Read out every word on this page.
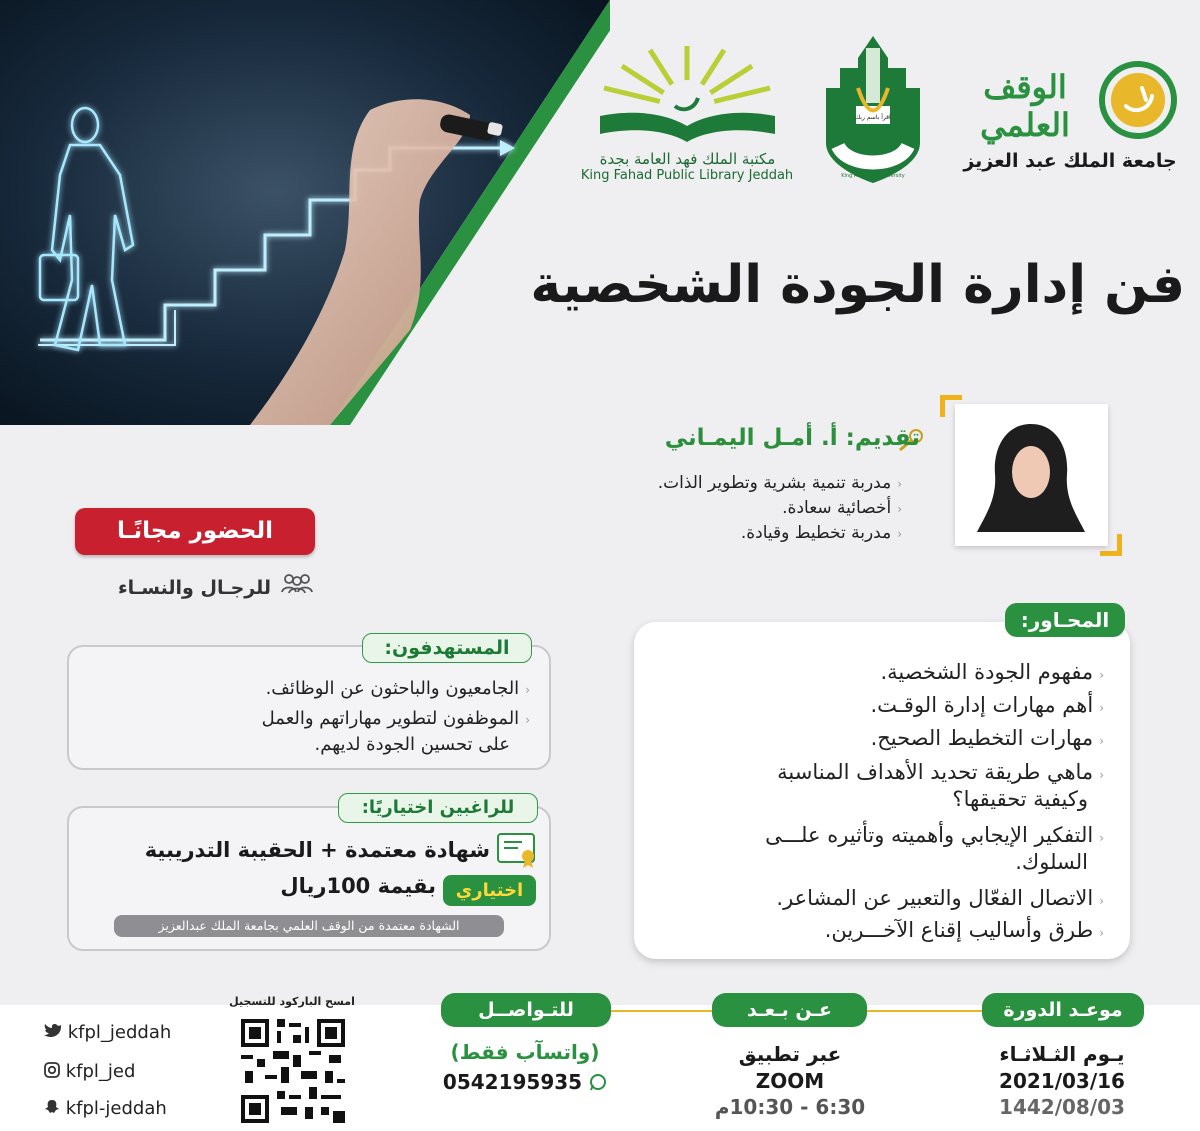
الوقف العلمي
جامعة الملك عبد العزيز
اقرأ باسم ربك
King Abdulaziz University
مكتبة الملك فهد العامة بجدة
King Fahad Public Library Jeddah
فن إدارة الجودة الشخصية
تقديم: أ. أمـل اليمـاني
‹مدربة تنمية بشرية وتطوير الذات.
‹أخصائية سعادة.
‹مدربة تخطيط وقيادة.
الحضور مجانًـا
للرجـال والنسـاء
المستهدفون:
‹الجامعيون والباحثون عن الوظائف.
‹الموظفون لتطوير مهاراتهم والعمل
على تحسين الجودة لديهم.
للراغبين اختياريًا:
شهادة معتمدة + الحقيبة التدريبية
اختياري
بقيمة 100ريال
الشهادة معتمدة من الوقف العلمي بجامعة الملك عبدالعزيز
المحـاور:
‹مفهوم الجودة الشخصية.
‹أهم مهارات إدارة الوقـت.
‹مهارات التخطيط الصحيح.
‹ماهي طريقة تحديد الأهداف المناسبة
وكيفية تحقيقها؟
‹التفكير الإيجابي وأهميته وتأثيره علـــى
السلوك.
‹الاتصال الفعّال والتعبير عن المشاعر.
‹طرق وأساليب إقناع الآخـــرين.
موعـد الدورة
يـوم الثـلاثـاء
2021/03/16
1442/08/03
عـن بـعـد
عبر تطبيق
ZOOM
6:30 - 10:30م
للتـواصــل
(واتسآب فقط)
0542195935
امسح الباركود للتسجيل
kfpl_jeddah
kfpl_jed
kfpl-jeddah
